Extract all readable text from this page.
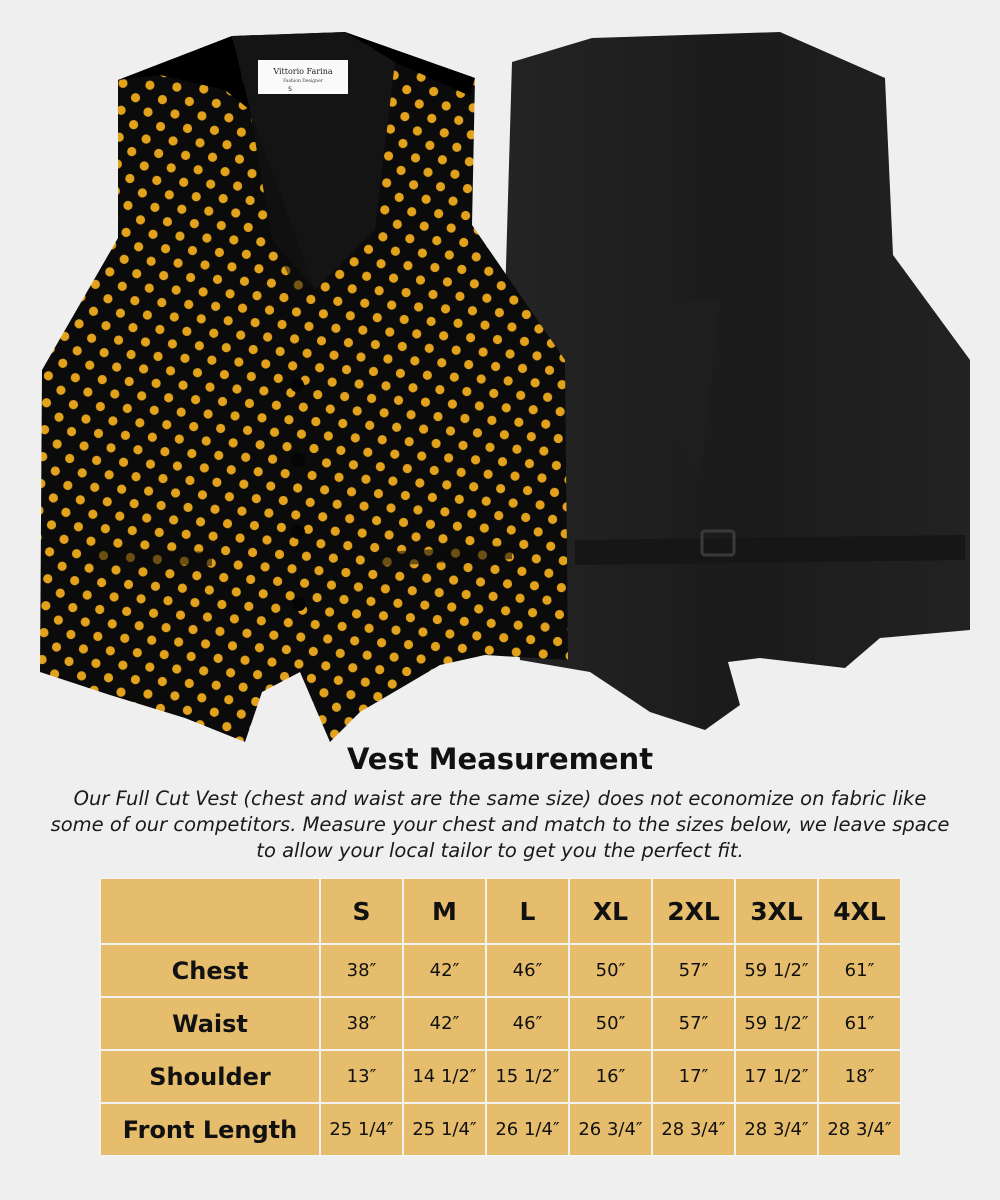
Vittorio Farina
Fashion Designer
S
Vest Measurement
Our Full Cut Vest (chest and waist are the same size) does not economize on fabric like some of our competitors. Measure your chest and match to the sizes below, we leave space to allow your local tailor to get you the perfect fit.
	S	M	L	XL	2XL	3XL	4XL
Chest	38″	42″	46″	50″	57″	59 1/2″	61″
Waist	38″	42″	46″	50″	57″	59 1/2″	61″
Shoulder	13″	14 1/2″	15 1/2″	16″	17″	17 1/2″	18″
Front Length	25 1/4″	25 1/4″	26 1/4″	26 3/4″	28 3/4″	28 3/4″	28 3/4″
